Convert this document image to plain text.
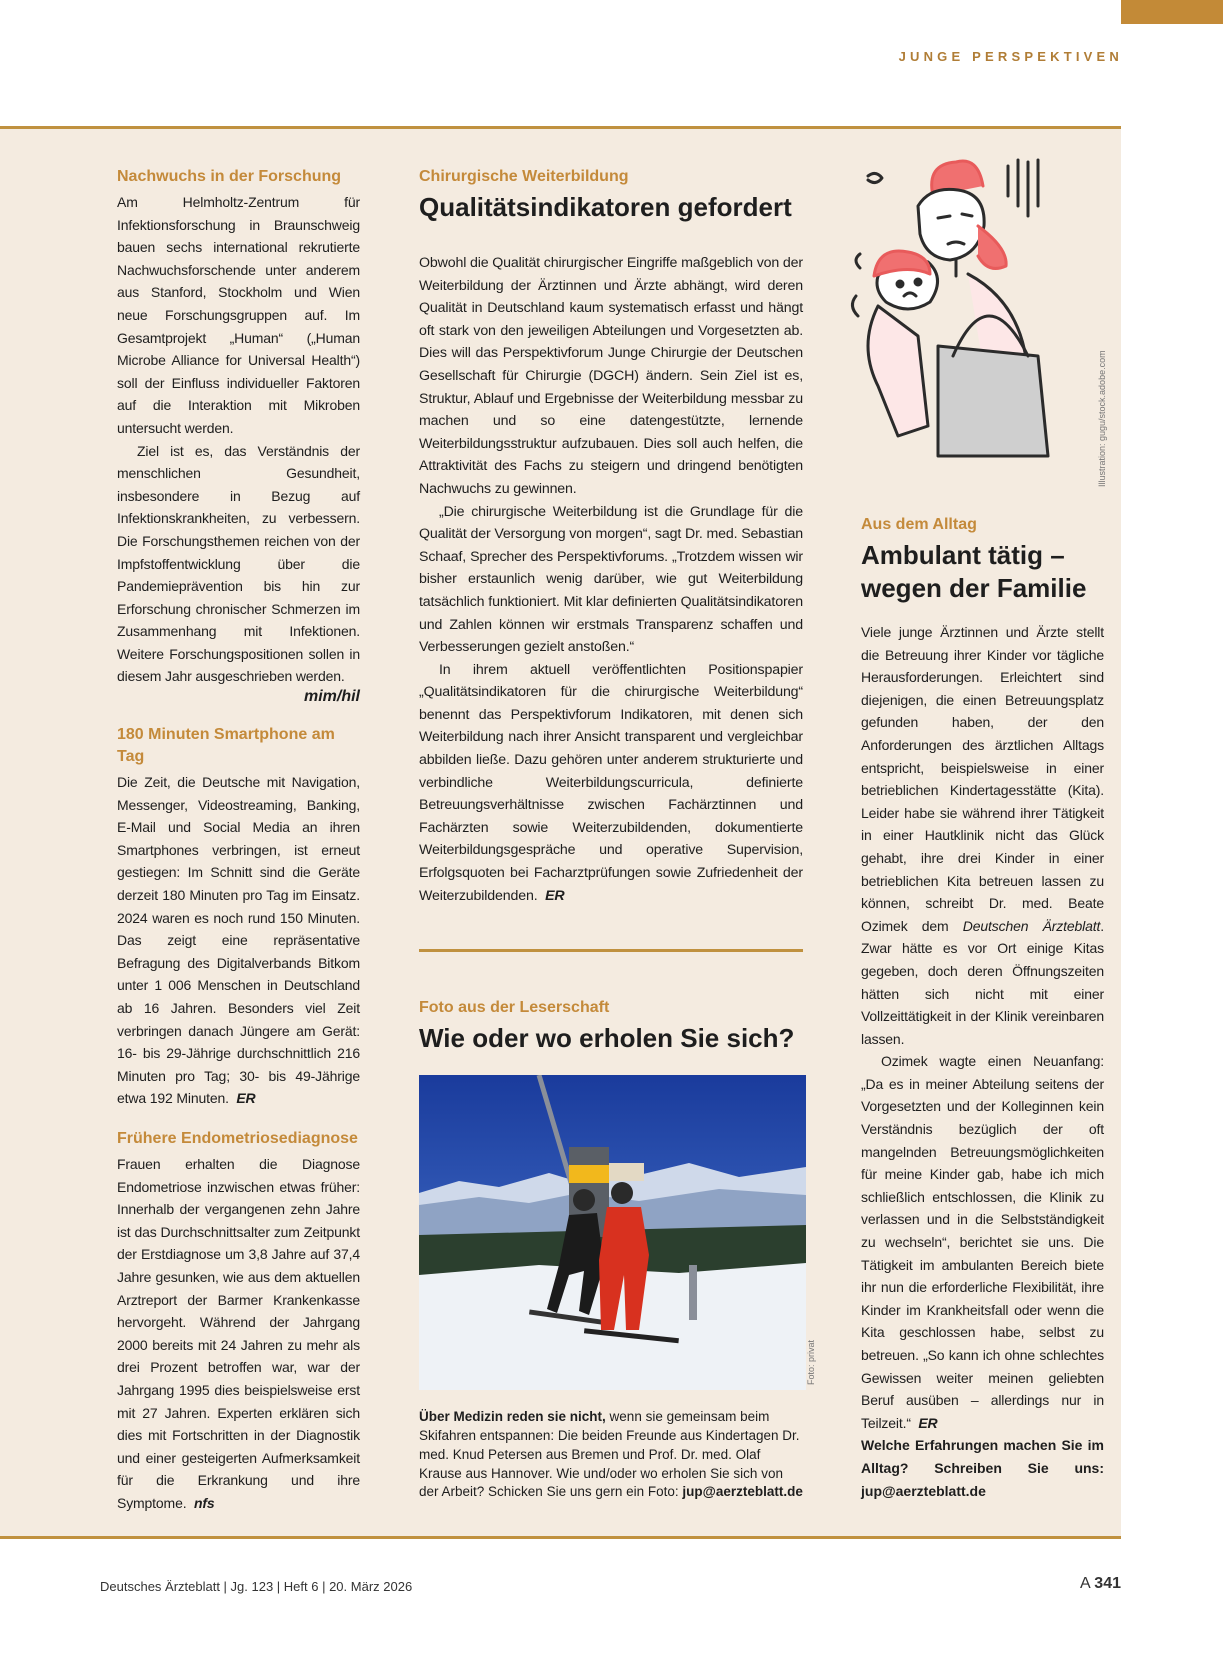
JUNGE PERSPEKTIVEN
Nachwuchs in der Forschung

Am Helmholtz-Zentrum für Infektionsforschung in Braunschweig bauen sechs international rekrutierte Nachwuchsforschende unter anderem aus Stanford, Stockholm und Wien neue Forschungsgruppen auf. Im Gesamtprojekt „Human“ („Human Microbe Alliance for Universal Health“) soll der Einfluss individueller Faktoren auf die Interaktion mit Mikroben untersucht werden.

Ziel ist es, das Verständnis der menschlichen Gesundheit, insbesondere in Bezug auf Infektionskrankheiten, zu verbessern. Die Forschungsthemen reichen von der Impfstoffentwicklung über die Pandemieprävention bis hin zur Erforschung chronischer Schmerzen im Zusammenhang mit Infektionen. Weitere Forschungspositionen sollen in diesem Jahr ausgeschrieben werden.

mim/hil
180 Minuten Smartphone am Tag

Die Zeit, die Deutsche mit Navigation, Messenger, Videostreaming, Banking, E-Mail und Social Media an ihren Smartphones verbringen, ist erneut gestiegen: Im Schnitt sind die Geräte derzeit 180 Minuten pro Tag im Einsatz. 2024 waren es noch rund 150 Minuten. Das zeigt eine repräsentative Befragung des Digitalverbands Bitkom unter 1 006 Menschen in Deutschland ab 16 Jahren. Besonders viel Zeit verbringen danach Jüngere am Gerät: 16- bis 29-Jährige durchschnittlich 216 Minuten pro Tag; 30- bis 49-Jährige etwa 192 Minuten. ER

Frühere Endometriosediagnose

Frauen erhalten die Diagnose Endometriose inzwischen etwas früher: Innerhalb der vergangenen zehn Jahre ist das Durchschnittsalter zum Zeitpunkt der Erstdiagnose um 3,8 Jahre auf 37,4 Jahre gesunken, wie aus dem aktuellen Arztreport der Barmer Krankenkasse hervorgeht. Während der Jahrgang 2000 bereits mit 24 Jahren zu mehr als drei Prozent betroffen war, war der Jahrgang 1995 dies beispielsweise erst mit 27 Jahren. Experten erklären sich dies mit Fortschritten in der Diagnostik und einer gesteigerten Aufmerksamkeit für die Erkrankung und ihre Symptome. nfs

Chirurgische Weiterbildung
Qualitätsindikatoren gefordert

Obwohl die Qualität chirurgischer Eingriffe maßgeblich von der Weiterbildung der Ärztinnen und Ärzte abhängt, wird deren Qualität in Deutschland kaum systematisch erfasst und hängt oft stark von den jeweiligen Abteilungen und Vorgesetzten ab. Dies will das Perspektivforum Junge Chirurgie der Deutschen Gesellschaft für Chirurgie (DGCH) ändern. Sein Ziel ist es, Struktur, Ablauf und Ergebnisse der Weiterbildung messbar zu machen und so eine datengestützte, lernende Weiterbildungsstruktur aufzubauen. Dies soll auch helfen, die Attraktivität des Fachs zu steigern und dringend benötigten Nachwuchs zu gewinnen.

„Die chirurgische Weiterbildung ist die Grundlage für die Qualität der Versorgung von morgen“, sagt Dr. med. Sebastian Schaaf, Sprecher des Perspektivforums. „Trotzdem wissen wir bisher erstaunlich wenig darüber, wie gut Weiterbildung tatsächlich funktioniert. Mit klar definierten Qualitätsindikatoren und Zahlen können wir erstmals Transparenz schaffen und Verbesserungen gezielt anstoßen.“

In ihrem aktuell veröffentlichten Positionspapier „Qualitätsindikatoren für die chirurgische Weiterbildung“ benennt das Perspektivforum Indikatoren, mit denen sich Weiterbildung nach ihrer Ansicht transparent und vergleichbar abbilden ließe. Dazu gehören unter anderem strukturierte und verbindliche Weiterbildungscurricula, definierte Betreuungsverhältnisse zwischen Fachärztinnen und Fachärzten sowie Weiterzubildenden, dokumentierte Weiterbildungsgespräche und operative Supervision, Erfolgsquoten bei Facharztprüfungen sowie Zufriedenheit der Weiterzubildenden. ER

Foto aus der Leserschaft
Wie oder wo erholen Sie sich?
Über Medizin reden sie nicht, wenn sie gemeinsam beim Skifahren entspannen: Die beiden Freunde aus Kindertagen Dr. med. Knud Petersen aus Bremen und Prof. Dr. med. Olaf Krause aus Hannover. Wie und/oder wo erholen Sie sich von der Arbeit? Schicken Sie uns gern ein Foto: jup@aerzteblatt.de
Foto: privat
Illustration: gugu/stock.adobe.com
Aus dem Alltag
Ambulant tätig – wegen der Familie

Viele junge Ärztinnen und Ärzte stellt die Betreuung ihrer Kinder vor tägliche Herausforderungen. Erleichtert sind diejenigen, die einen Betreuungsplatz gefunden haben, der den Anforderungen des ärztlichen Alltags entspricht, beispielsweise in einer betrieblichen Kindertagesstätte (Kita). Leider habe sie während ihrer Tätigkeit in einer Hautklinik nicht das Glück gehabt, ihre drei Kinder in einer betrieblichen Kita betreuen lassen zu können, schreibt Dr. med. Beate Ozimek dem Deutschen Ärzteblatt. Zwar hätte es vor Ort einige Kitas gegeben, doch deren Öffnungszeiten hätten sich nicht mit einer Vollzeittätigkeit in der Klinik vereinbaren lassen.

Ozimek wagte einen Neuanfang: „Da es in meiner Abteilung seitens der Vorgesetzten und der Kolleginnen kein Verständnis bezüglich der oft mangelnden Betreuungsmöglichkeiten für meine Kinder gab, habe ich mich schließlich entschlossen, die Klinik zu verlassen und in die Selbstständigkeit zu wechseln“, berichtet sie uns. Die Tätigkeit im ambulanten Bereich biete ihr nun die erforderliche Flexibilität, ihre Kinder im Krankheitsfall oder wenn die Kita geschlossen habe, selbst zu betreuen. „So kann ich ohne schlechtes Gewissen weiter meinen geliebten Beruf ausüben – allerdings nur in Teilzeit.“ ER

Welche Erfahrungen machen Sie im Alltag? Schreiben Sie uns: jup@aerzteblatt.de

Deutsches Ärzteblatt | Jg. 123 | Heft 6 | 20. März 2026	A 341
